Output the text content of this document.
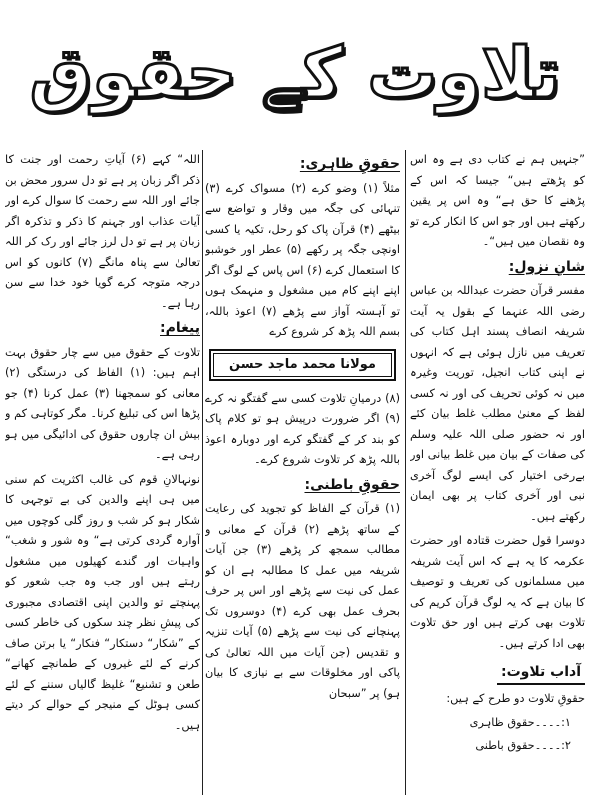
تلاوت کے حقوق

”جنہیں ہم نے کتاب دی ہے وہ اس کو پڑھتے ہیں“ جیسا کہ اس کے پڑھنے کا حق ہے“ وہ اس پر یقین رکھتے ہیں اور جو اس کا انکار کرے تو وہ نقصان میں ہیں“۔

شانِ نزول:

مفسر قرآن حضرت عبداللہ بن عباس رضی اللہ عنہما کے بقول یہ آیت شریفہ انصاف پسند اہل کتاب کی تعریف میں نازل ہوئی ہے کہ انہوں نے اپنی کتاب انجیل، توریت وغیرہ میں نہ کوئی تحریف کی اور نہ کسی لفظ کے معنیٰ مطلب غلط بیان کئے اور نہ حضور صلی اللہ علیہ وسلم کی صفات کے بیان میں غلط بیانی اور بےرخی اختیار کی ایسے لوگ آخری نبی اور آخری کتاب پر بھی ایمان رکھتے ہیں۔

دوسرا قول حضرت قتادہ اور حضرت عکرمہ کا یہ ہے کہ اس آیت شریفہ میں مسلمانوں کی تعریف و توصیف کا بیان ہے کہ یہ لوگ قرآن کریم کی تلاوت بھی کرتے ہیں اور حق تلاوت بھی ادا کرتے ہیں۔

آداب تلاوت:

حقوقِ تلاوت دو طرح کے ہیں:

۱:۔۔۔۔حقوق ظاہری
۲:۔۔۔۔حقوق باطنی
حقوقِ ظاہری:

مثلاً (۱) وضو کرے (۲) مسواک کرے (۳) تنہائی کی جگہ میں وقار و تواضع سے بیٹھے (۴) قرآن پاک کو رحل، تکیہ یا کسی اونچی جگہ پر رکھے (۵) عطر اور خوشبو کا استعمال کرے (۶) اس پاس کے لوگ اگر اپنے اپنے کام میں مشغول و منہمک ہوں تو آہستہ آواز سے پڑھے (۷) اعوذ باللہ، بسم اللہ پڑھ کر شروع کرے

مولانا محمد ماجد حسن

(۸) درمیانِ تلاوت کسی سے گفتگو نہ کرے (۹) اگر ضرورت درپیش ہو تو کلام پاک کو بند کر کے گفتگو کرے اور دوبارہ اعوذ باللہ پڑھ کر تلاوت شروع کرے۔

حقوقِ باطنی:

(۱) قرآن کے الفاظ کو تجوید کی رعایت کے ساتھ پڑھے (۲) قرآن کے معانی و مطالب سمجھ کر پڑھے (۳) جن آیات شریفہ میں عمل کا مطالبہ ہے ان کو عمل کی نیت سے پڑھے اور اس پر حرف بحرف عمل بھی کرے (۴) دوسروں تک پہنچانے کی نیت سے پڑھے (۵) آیات تنزیہ و تقدیس (جن آیات میں اللہ تعالیٰ کی پاکی اور مخلوقات سے بے نیازی کا بیان ہو) پر ”سبحان

اللہ“ کہے (۶) آیاتِ رحمت اور جنت کا ذکر اگر زبان پر ہے تو دل سرور محض بن جائے اور اللہ سے رحمت کا سوال کرے اور آیات عذاب اور جہنم کا ذکر و تذکرہ اگر زبان پر ہے تو دل لرز جائے اور رک کر اللہ تعالیٰ سے پناہ مانگے (۷) کانوں کو اس درجہ متوجہ کرے گویا خود خدا سے سن رہا ہے۔

پیغام:

تلاوت کے حقوق میں سے چار حقوق بہت اہم ہیں: (۱) الفاظ کی درستگی (۲) معانی کو سمجھنا (۳) عمل کرنا (۴) جو پڑھا اس کی تبلیغ کرنا۔ مگر کوتاہی کم و بیش ان چاروں حقوق کی ادائیگی میں ہو رہی ہے۔

نونہالانِ قوم کی غالب اکثریت کم سنی میں ہی اپنے والدین کی بے توجہی کا شکار ہو کر شب و روز گلی کوچوں میں آوارہ گردی کرتی ہے“ وہ شور و شغب“ واہیات اور گندے کھیلوں میں مشغول رہتے ہیں اور جب وہ جب شعور کو پہنچتے تو والدین اپنی اقتصادی مجبوری کی پیشِ نظر چند سکوں کی خاطر کسی کے ”شکار“ دستکار“ فنکار“ یا برتن صاف کرنے کے لئے غیروں کے طمانچے کھانے“ طعن و تشنیع“ غلیظ گالیاں سننے کے لئے کسی ہوٹل کے منیجر کے حوالے کر دیتے ہیں۔
